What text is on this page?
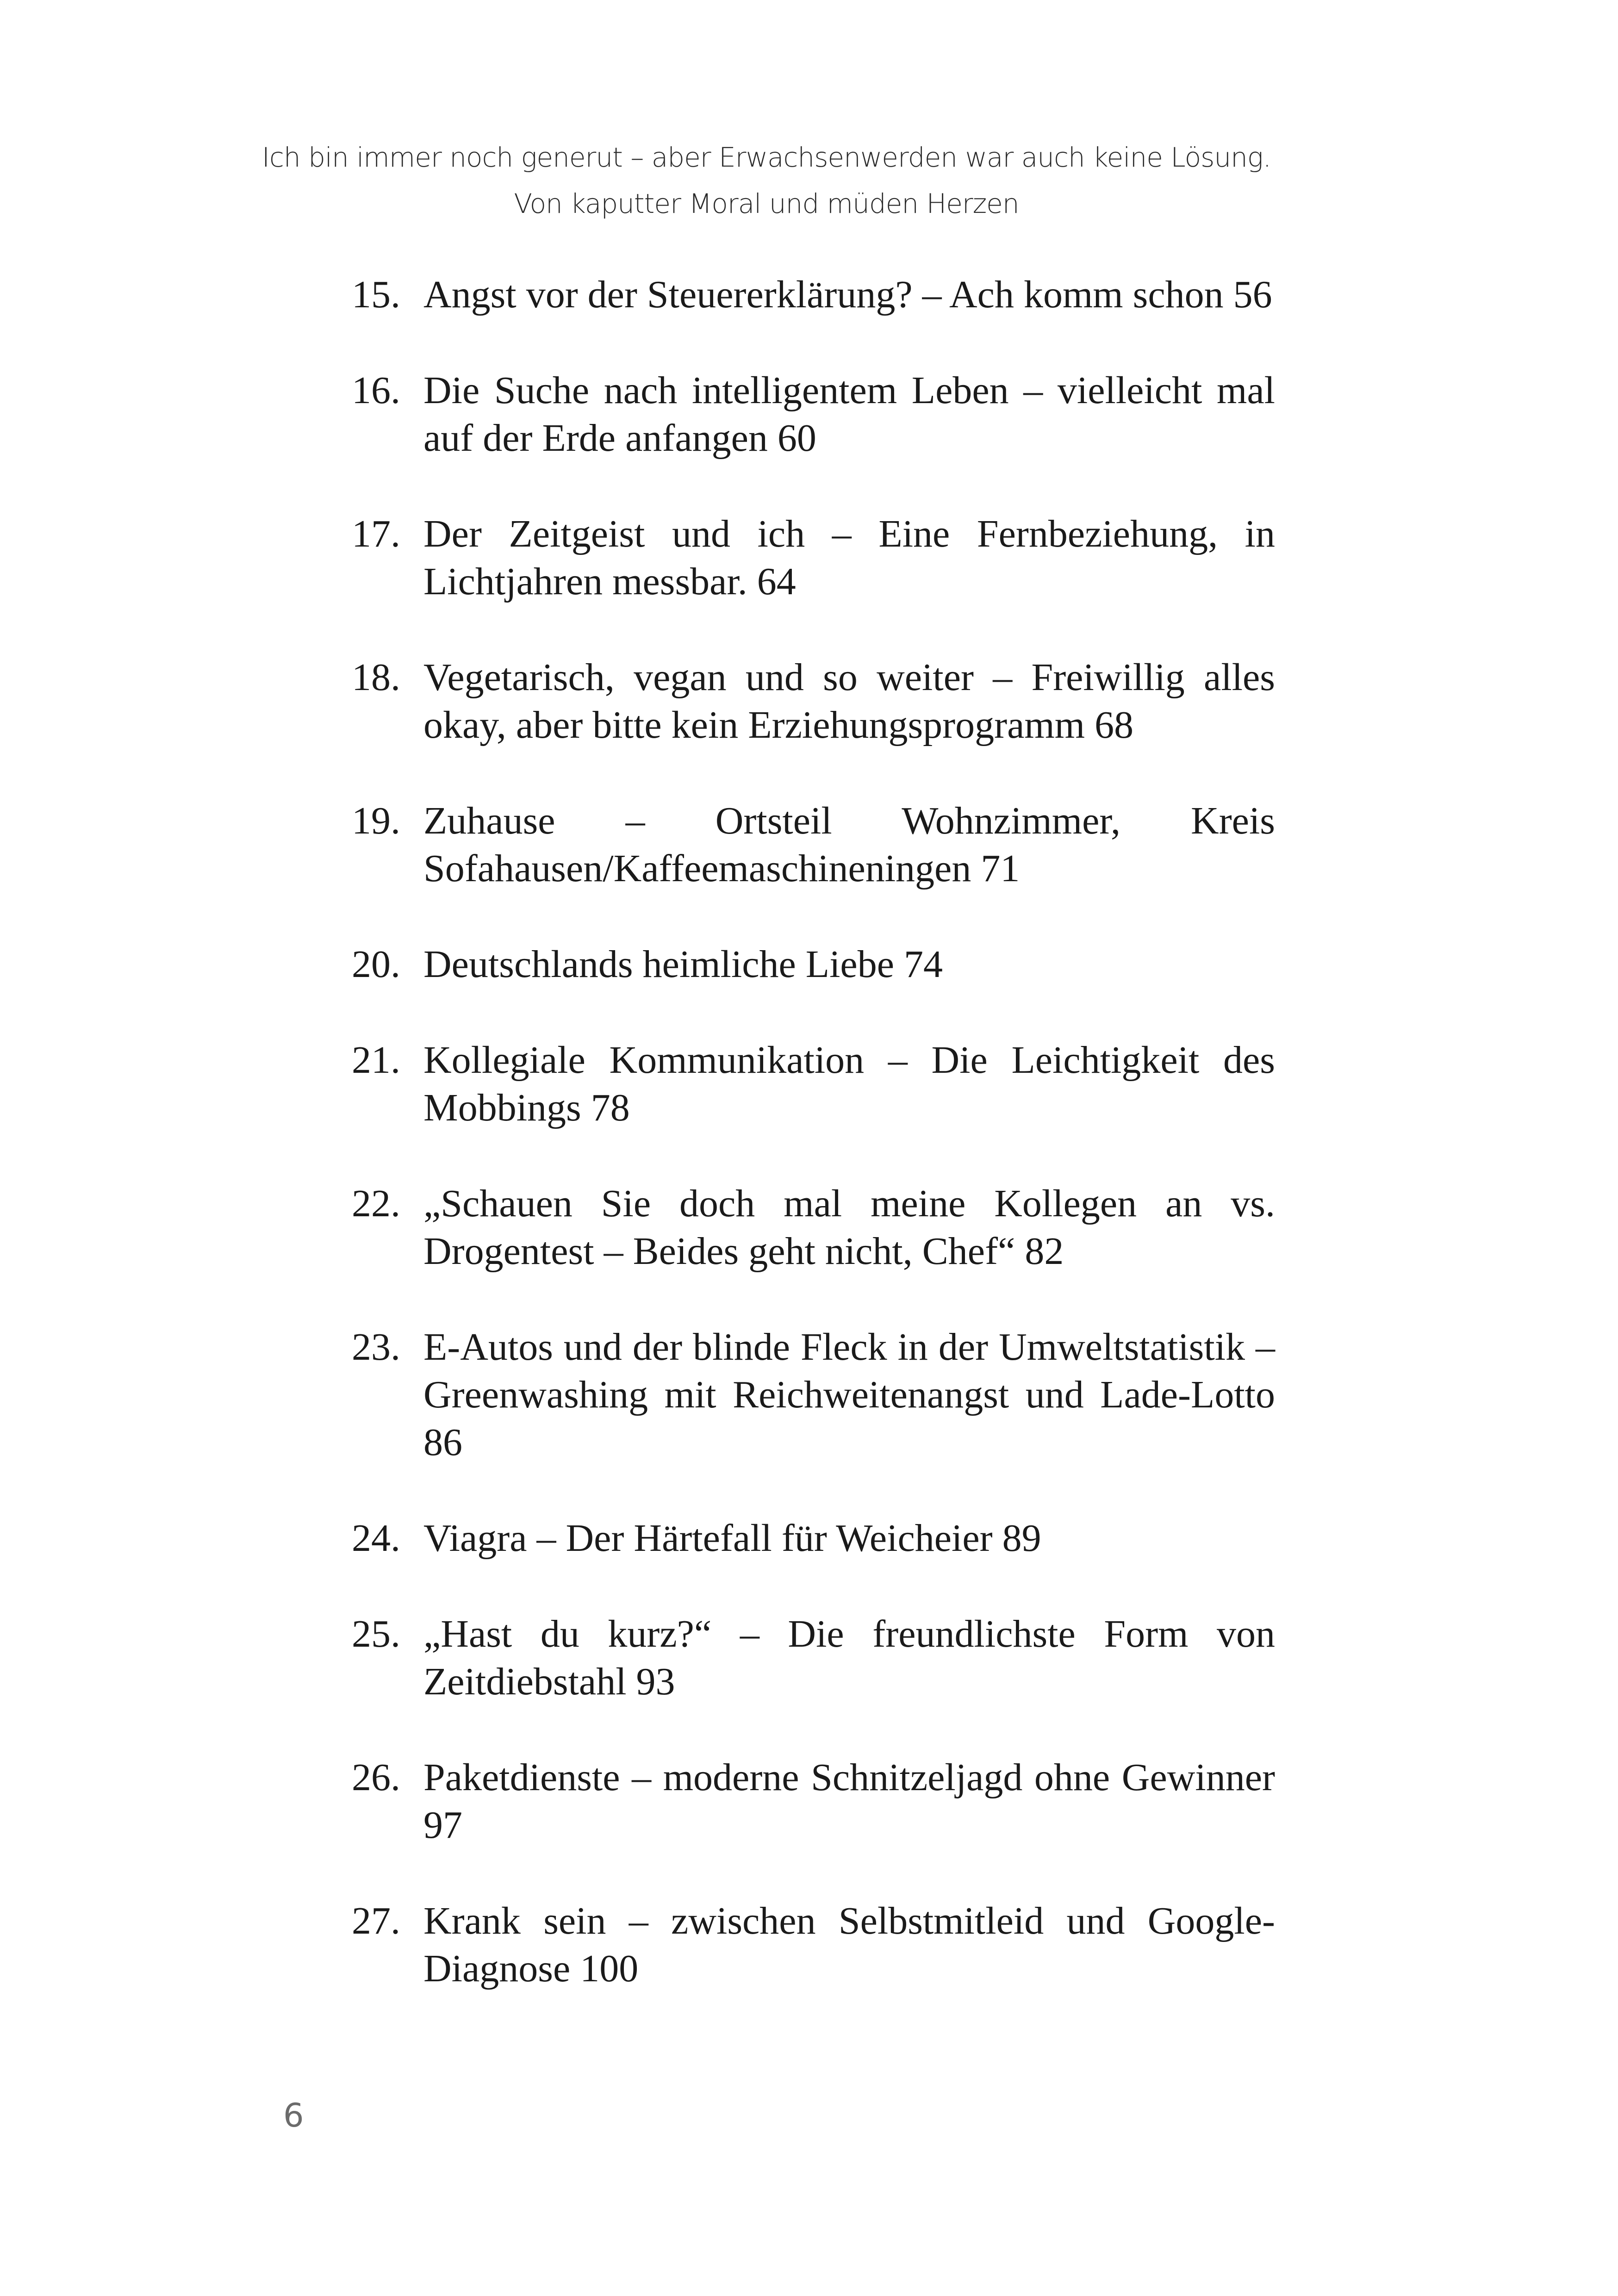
Ich bin immer noch generut – aber Erwachsenwerden war auch keine Lösung.
Von kaputter Moral und müden Herzen
15. Angst vor der Steuererklärung? – Ach komm schon 56
16. Die Suche nach intelligentem Leben – vielleicht mal auf der Erde anfangen 60
17. Der Zeitgeist und ich – Eine Fernbeziehung, in Lichtjahren messbar. 64
18. Vegetarisch, vegan und so weiter – Freiwillig alles okay, aber bitte kein Erziehungsprogramm 68
19. Zuhause – Ortsteil Wohnzimmer, Kreis Sofahausen/Kaffeemaschineningen 71
20. Deutschlands heimliche Liebe 74
21. Kollegiale Kommunikation – Die Leichtigkeit des Mobbings 78
22. „Schauen Sie doch mal meine Kollegen an vs. Drogentest – Beides geht nicht, Chef“ 82
23. E-Autos und der blinde Fleck in der Umweltstatistik – Greenwashing mit Reichweitenangst und Lade-Lotto 86
24. Viagra – Der Härtefall für Weicheier 89
25. „Hast du kurz?“ – Die freundlichste Form von Zeitdiebstahl 93
26. Paketdienste – moderne Schnitzeljagd ohne Gewinner 97
27. Krank sein – zwischen Selbstmitleid und Google-Diagnose 100
6
